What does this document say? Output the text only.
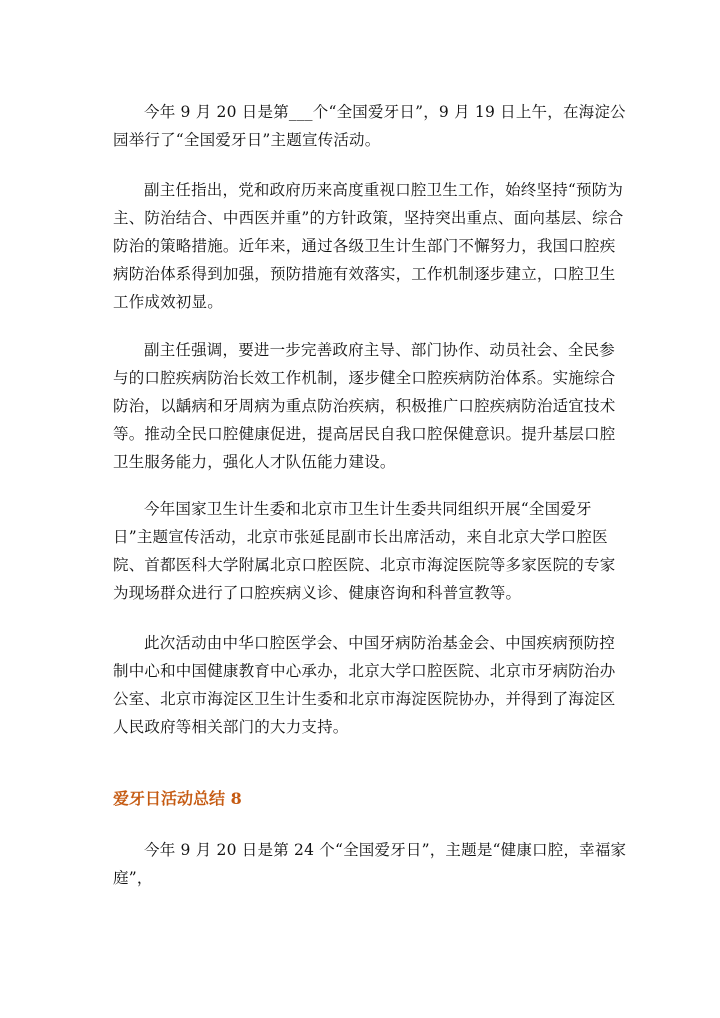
今年 9 月 20 日是第___个“全国爱牙日”，9 月 19 日上午，在海淀公园举行了“全国爱牙日”主题宣传活动。

副主任指出，党和政府历来高度重视口腔卫生工作，始终坚持“预防为主、防治结合、中西医并重”的方针政策，坚持突出重点、面向基层、综合防治的策略措施。近年来，通过各级卫生计生部门不懈努力，我国口腔疾病防治体系得到加强，预防措施有效落实，工作机制逐步建立，口腔卫生工作成效初显。

副主任强调，要进一步完善政府主导、部门协作、动员社会、全民参与的口腔疾病防治长效工作机制，逐步健全口腔疾病防治体系。实施综合防治，以龋病和牙周病为重点防治疾病，积极推广口腔疾病防治适宜技术等。推动全民口腔健康促进，提高居民自我口腔保健意识。提升基层口腔卫生服务能力，强化人才队伍能力建设。

今年国家卫生计生委和北京市卫生计生委共同组织开展“全国爱牙日”主题宣传活动，北京市张延昆副市长出席活动，来自北京大学口腔医院、首都医科大学附属北京口腔医院、北京市海淀医院等多家医院的专家为现场群众进行了口腔疾病义诊、健康咨询和科普宣教等。

此次活动由中华口腔医学会、中国牙病防治基金会、中国疾病预防控制中心和中国健康教育中心承办，北京大学口腔医院、北京市牙病防治办公室、北京市海淀区卫生计生委和北京市海淀医院协办，并得到了海淀区人民政府等相关部门的大力支持。

爱牙日活动总结 8

今年 9 月 20 日是第 24 个“全国爱牙日”，主题是“健康口腔，幸福家庭”，
